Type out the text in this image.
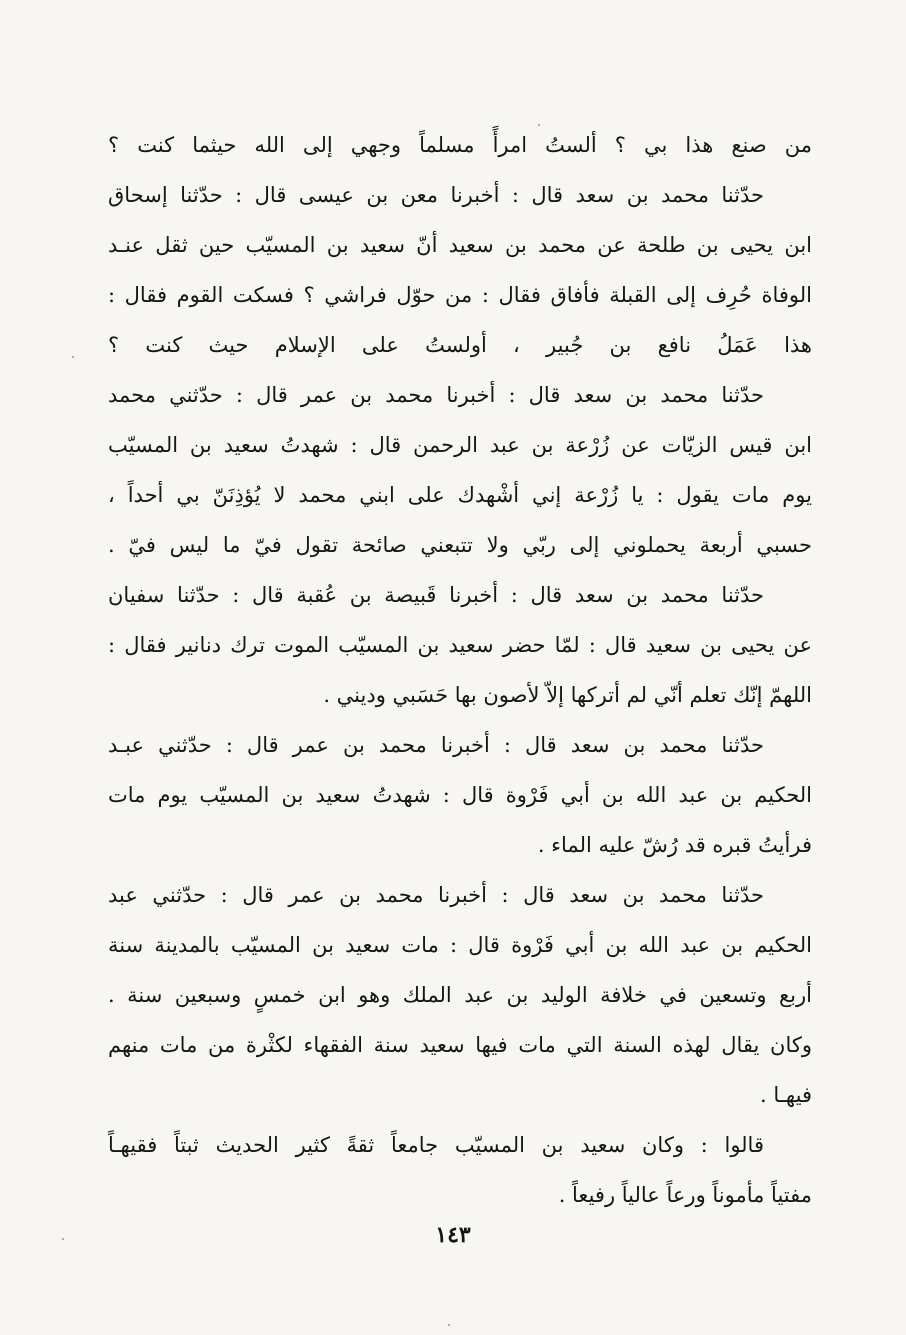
من صنع هذا بي ؟ ألستُ امرأً مسلماً وجهي إلى الله حيثما كنت ؟
حدّثنا محمد بن سعد قال : أخبرنا معن بن عيسى قال : حدّثنا إسحاق
ابن يحيى بن طلحة عن محمد بن سعيد أنّ سعيد بن المسيّب حين ثقل عنـد
الوفاة حُرِف إلى القبلة فأفاق فقال : من حوّل فراشي ؟ فسكت القوم فقال :
هذا عَمَلُ نافع بن جُبير ، أولستُ على الإسلام حيث كنت ؟
حدّثنا محمد بن سعد قال : أخبرنا محمد بن عمر قال : حدّثني محمد
ابن قيس الزيّات عن زُرْعة بن عبد الرحمن قال : شهدتُ سعيد بن المسيّب
يوم مات يقول : يا زُرْعة إني أشْهدك على ابني محمد لا يُؤذِنَنّ بي أحداً ،
حسبي أربعة يحملوني إلى ربّي ولا تتبعني صائحة تقول فيّ ما ليس فيّ .
حدّثنا محمد بن سعد قال : أخبرنا قَبيصة بن عُقبة قال : حدّثنا سفيان
عن يحيى بن سعيد قال : لمّا حضر سعيد بن المسيّب الموت ترك دنانير فقال :
اللهمّ إنّك تعلم أنّي لم أتركها إلاّ لأصون بها حَسَبي وديني .
حدّثنا محمد بن سعد قال : أخبرنا محمد بن عمر قال : حدّثني عبـد
الحكيم بن عبد الله بن أبي فَرْوة قال : شهدتُ سعيد بن المسيّب يوم مات
فرأيتُ قبره قد رُشّ عليه الماء .
حدّثنا محمد بن سعد قال : أخبرنا محمد بن عمر قال : حدّثني عبد
الحكيم بن عبد الله بن أبي فَرْوة قال : مات سعيد بن المسيّب بالمدينة سنة
أربع وتسعين في خلافة الوليد بن عبد الملك وهو ابن خمسٍ وسبعين سنة .
وكان يقال لهذه السنة التي مات فيها سعيد سنة الفقهاء لكثْرة من مات منهم
فيهـا .
قالوا : وكان سعيد بن المسيّب جامعاً ثقةً كثير الحديث ثبتاً فقيهـاً
مفتياً مأموناً ورعاً عالياً رفيعاً .
١٤٣
